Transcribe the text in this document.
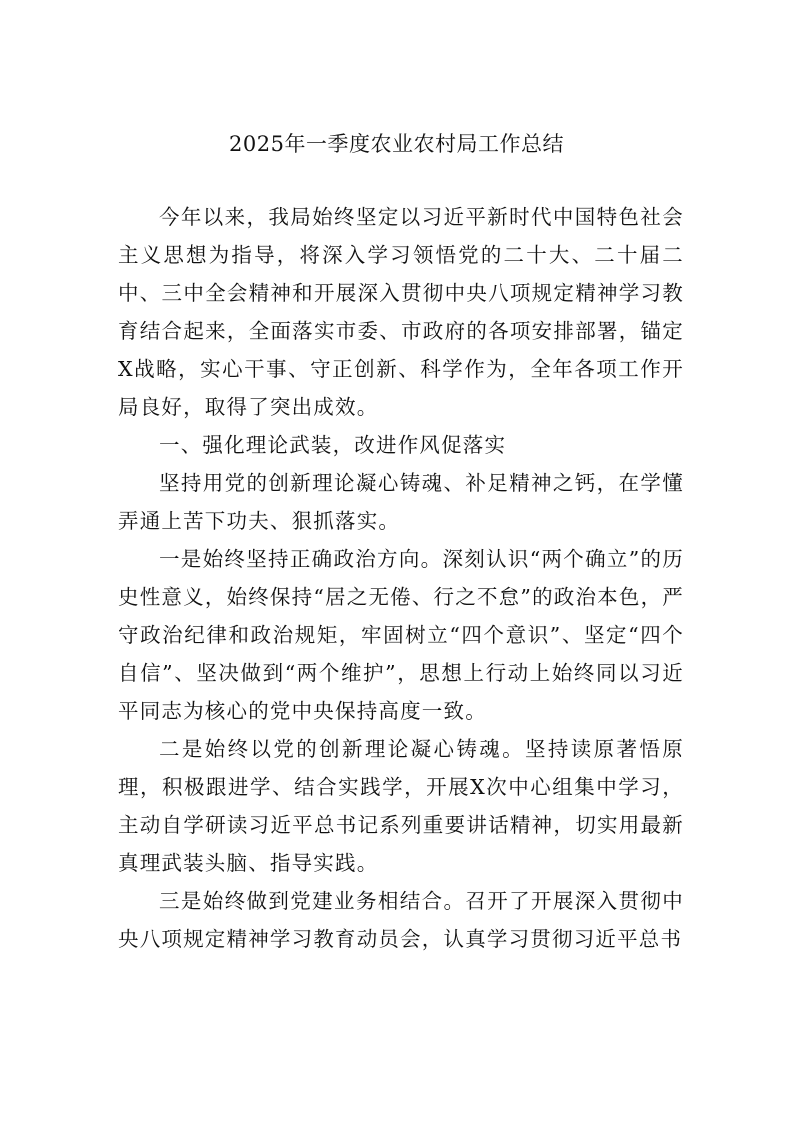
2025年一季度农业农村局工作总结

今年以来，我局始终坚定以习近平新时代中国特色社会主义思想为指导，将深入学习领悟党的二十大、二十届二中、三中全会精神和开展深入贯彻中央八项规定精神学习教育结合起来，全面落实市委、市政府的各项安排部署，锚定X战略，实心干事、守正创新、科学作为，全年各项工作开局良好，取得了突出成效。

一、强化理论武装，改进作风促落实

坚持用党的创新理论凝心铸魂、补足精神之钙，在学懂弄通上苦下功夫、狠抓落实。

一是始终坚持正确政治方向。深刻认识“两个确立”的历史性意义，始终保持“居之无倦、行之不怠”的政治本色，严守政治纪律和政治规矩，牢固树立“四个意识”、坚定“四个自信”、坚决做到“两个维护”，思想上行动上始终同以习近平同志为核心的党中央保持高度一致。

二是始终以党的创新理论凝心铸魂。坚持读原著悟原理，积极跟进学、结合实践学，开展X次中心组集中学习，主动自学研读习近平总书记系列重要讲话精神，切实用最新真理武装头脑、指导实践。

三是始终做到党建业务相结合。召开了开展深入贯彻中央八项规定精神学习教育动员会，认真学习贯彻习近平总书
